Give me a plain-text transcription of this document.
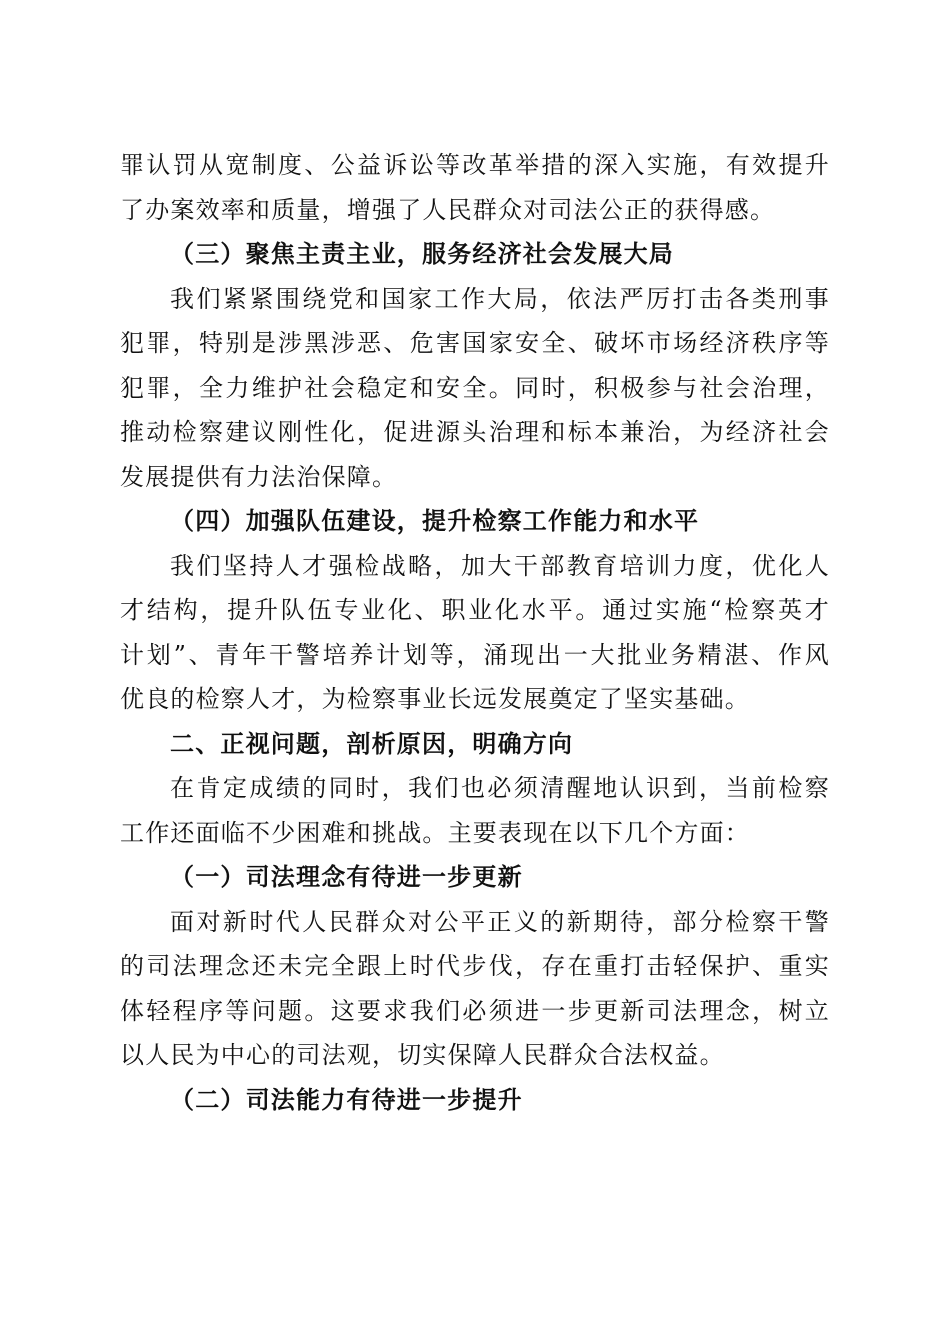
罪认罚从宽制度、公益诉讼等改革举措的深入实施，有效提升
了办案效率和质量，增强了人民群众对司法公正的获得感。
（三）聚焦主责主业，服务经济社会发展大局
我们紧紧围绕党和国家工作大局，依法严厉打击各类刑事
犯罪，特别是涉黑涉恶、危害国家安全、破坏市场经济秩序等
犯罪，全力维护社会稳定和安全。同时，积极参与社会治理，
推动检察建议刚性化，促进源头治理和标本兼治，为经济社会
发展提供有力法治保障。
（四）加强队伍建设，提升检察工作能力和水平
我们坚持人才强检战略，加大干部教育培训力度，优化人
才结构，提升队伍专业化、职业化水平。通过实施“检察英才
计划”、青年干警培养计划等，涌现出一大批业务精湛、作风
优良的检察人才，为检察事业长远发展奠定了坚实基础。
二、正视问题，剖析原因，明确方向
在肯定成绩的同时，我们也必须清醒地认识到，当前检察
工作还面临不少困难和挑战。主要表现在以下几个方面：
（一）司法理念有待进一步更新
面对新时代人民群众对公平正义的新期待，部分检察干警
的司法理念还未完全跟上时代步伐，存在重打击轻保护、重实
体轻程序等问题。这要求我们必须进一步更新司法理念，树立
以人民为中心的司法观，切实保障人民群众合法权益。
（二）司法能力有待进一步提升
